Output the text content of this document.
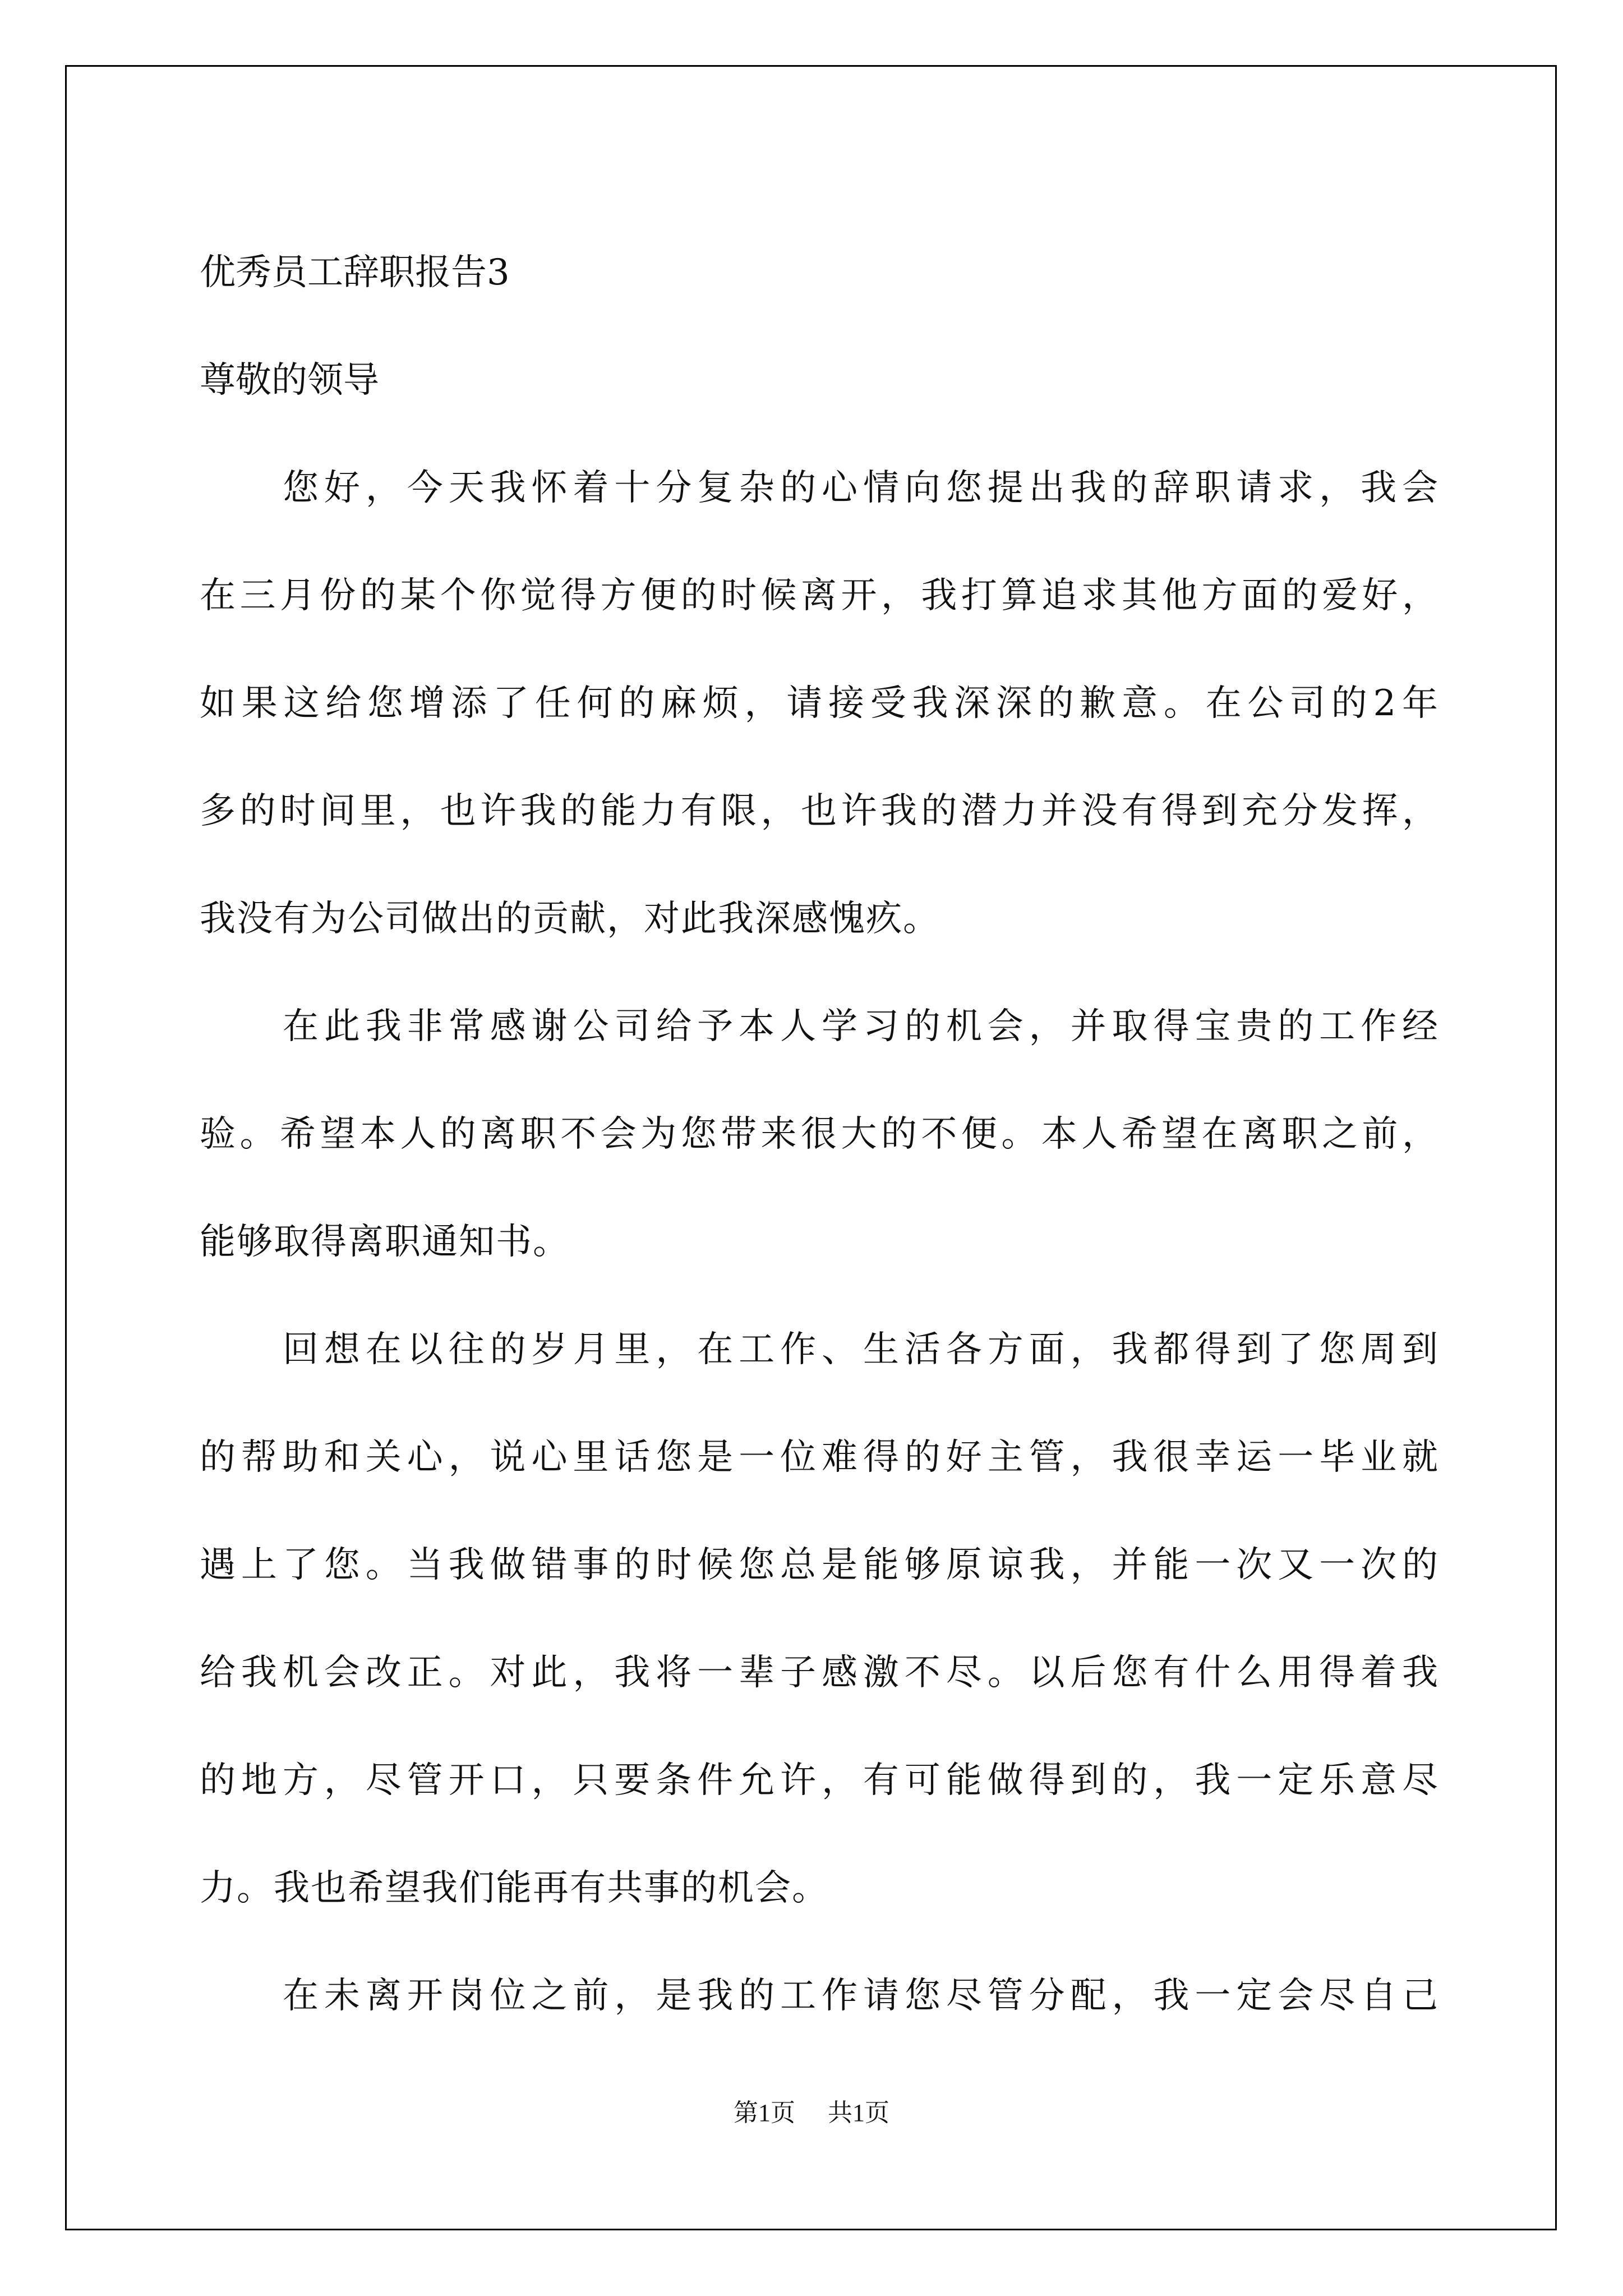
优秀员工辞职报告3
尊敬的领导
您好，今天我怀着十分复杂的心情向您提出我的辞职请求，我会
在三月份的某个你觉得方便的时候离开，我打算追求其他方面的爱好，
如果这给您增添了任何的麻烦，请接受我深深的歉意。在公司的2年
多的时间里，也许我的能力有限，也许我的潜力并没有得到充分发挥，
我没有为公司做出的贡献，对此我深感愧疚。
在此我非常感谢公司给予本人学习的机会，并取得宝贵的工作经
验。希望本人的离职不会为您带来很大的不便。本人希望在离职之前，
能够取得离职通知书。
回想在以往的岁月里，在工作、生活各方面，我都得到了您周到
的帮助和关心，说心里话您是一位难得的好主管，我很幸运一毕业就
遇上了您。当我做错事的时候您总是能够原谅我，并能一次又一次的
给我机会改正。对此，我将一辈子感激不尽。以后您有什么用得着我
的地方，尽管开口，只要条件允许，有可能做得到的，我一定乐意尽
力。我也希望我们能再有共事的机会。
在未离开岗位之前，是我的工作请您尽管分配，我一定会尽自己
第1页 共1页
